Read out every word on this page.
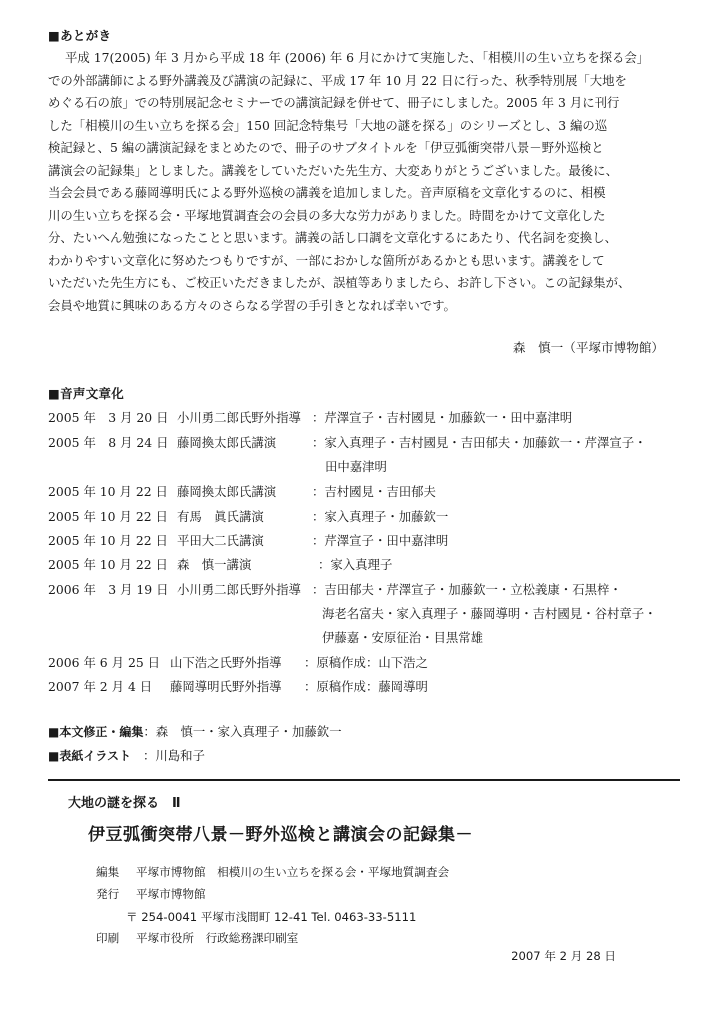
■あとがき
平成 17(2005) 年 3 月から平成 18 年 (2006) 年 6 月にかけて実施した、「相模川の生い立ちを探る会」
での外部講師による野外講義及び講演の記録に、平成 17 年 10 月 22 日に行った、秋季特別展「大地を
めぐる石の旅」での特別展記念セミナーでの講演記録を併せて、冊子にしました。2005 年 3 月に刊行
した「相模川の生い立ちを探る会」150 回記念特集号「大地の謎を探る」のシリーズとし、3 編の巡
検記録と、5 編の講演記録をまとめたので、冊子のサブタイトルを「伊豆弧衝突帯八景－野外巡検と
講演会の記録集」としました。講義をしていただいた先生方、大変ありがとうございました。最後に、
当会会員である藤岡導明氏による野外巡検の講義を追加しました。音声原稿を文章化するのに、相模
川の生い立ちを探る会・平塚地質調査会の会員の多大な労力がありました。時間をかけて文章化した
分、たいへん勉強になったことと思います。講義の話し口調を文章化するにあたり、代名詞を変換し、
わかりやすい文章化に努めたつもりですが、一部におかしな箇所があるかとも思います。講義をして
いただいた先生方にも、ご校正いただきましたが、誤植等ありましたら、お許し下さい。この記録集が、
会員や地質に興味のある方々のさらなる学習の手引きとなれば幸いです。
森　慎一（平塚市博物館）
■音声文章化
2005 年　3 月 20 日 小川勇二郎氏野外指導 ：芹澤宣子・吉村國見・加藤欽一・田中嘉津明
2005 年　8 月 24 日 藤岡換太郎氏講演	：家入真理子・吉村國見・吉田郁夫・加藤欽一・芹澤宣子・
田中嘉津明
2005 年 10 月 22 日 藤岡換太郎氏講演	：吉村國見・吉田郁夫
2005 年 10 月 22 日 有馬　眞氏講演	：家入真理子・加藤欽一
2005 年 10 月 22 日 平田大二氏講演	：芹澤宣子・田中嘉津明
2005 年 10 月 22 日 森　慎一講演	：家入真理子
2006 年　3 月 19 日 小川勇二郎氏野外指導 ：吉田郁夫・芹澤宣子・加藤欽一・立松義康・石黒梓・
海老名富夫・家入真理子・藤岡導明・吉村國見・谷村章子・
伊藤嘉・安原征治・目黒常雄
2006 年 6 月 25 日 山下浩之氏野外指導 ：原稿作成：山下浩之
2007 年 2 月 4 日 藤岡導明氏野外指導 ：原稿作成：藤岡導明
■本文修正・編集：森　慎一・家入真理子・加藤欽一
■表紙イラスト ：川島和子
大地の謎を探る　Ⅱ
伊豆弧衝突帯八景－野外巡検と講演会の記録集－
編集 平塚市博物館　相模川の生い立ちを探る会・平塚地質調査会
発行 平塚市博物館
〒 254-0041 平塚市浅間町 12-41 Tel. 0463-33-5111
印刷 平塚市役所　行政総務課印刷室
2007 年 2 月 28 日
